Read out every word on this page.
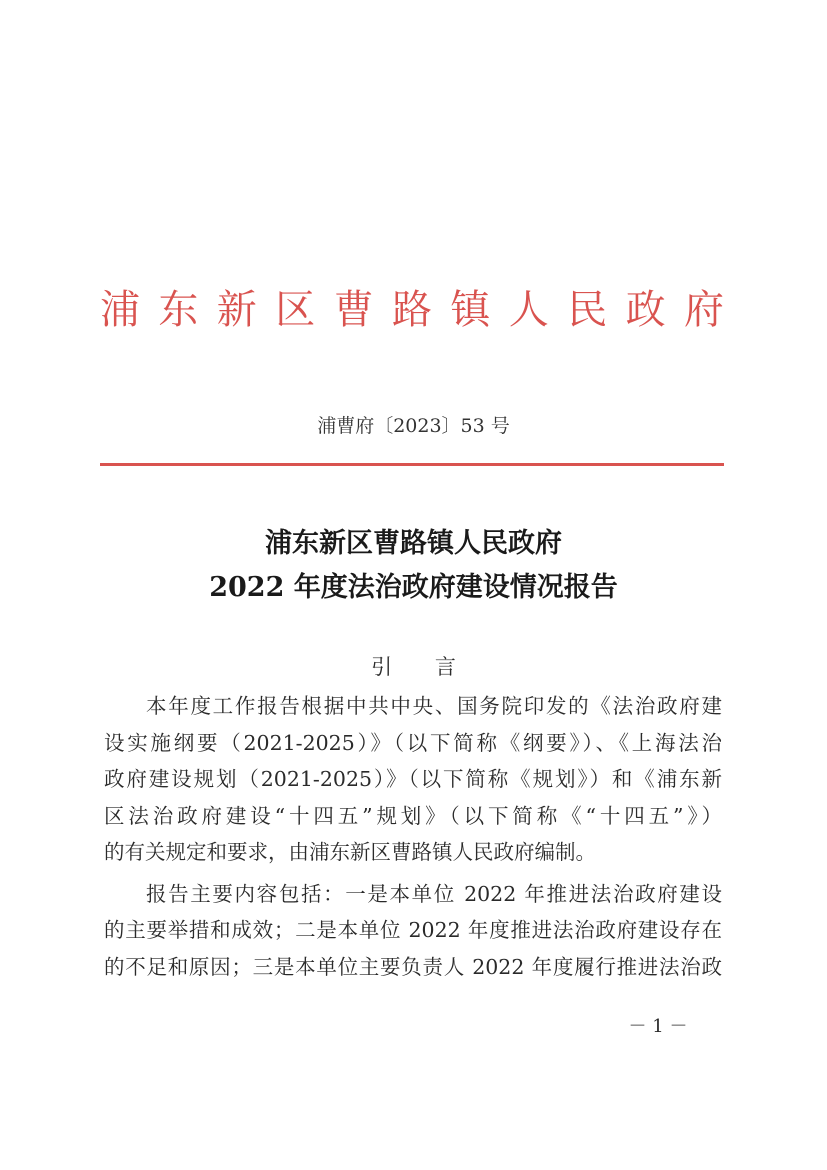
浦东新区曹路镇人民政府
浦曹府〔2023〕53 号
浦东新区曹路镇人民政府
2022 年度法治政府建设情况报告
引 言

本年度工作报告根据中共中央、国务院印发的《法治政府建
设实施纲要（2021-2025）》（以下简称《纲要》）、《上海法治
政府建设规划（2021-2025）》（以下简称《规划》）和《浦东新
区法治政府建设“十四五”规划》（以下简称《“十四五”》）
的有关规定和要求，由浦东新区曹路镇人民政府编制。

报告主要内容包括：一是本单位 2022 年推进法治政府建设
的主要举措和成效；二是本单位 2022 年度推进法治政府建设存在
的不足和原因；三是本单位主要负责人 2022 年度履行推进法治政

－ 1 －
